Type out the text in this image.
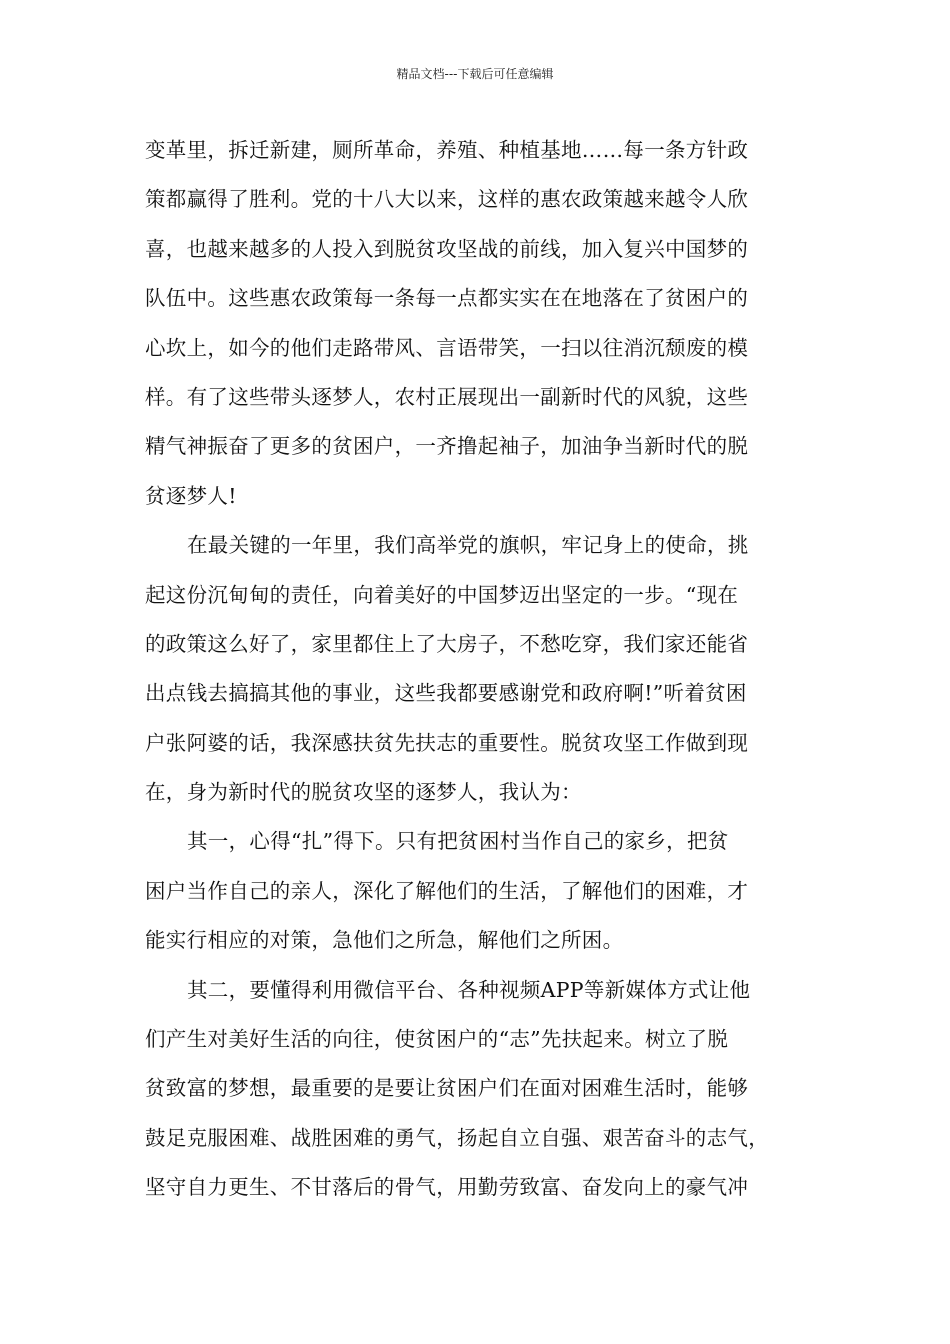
精品文档---下载后可任意编辑
变革里，拆迁新建，厕所革命，养殖、种植基地……每一条方针政
策都赢得了胜利。党的十八大以来，这样的惠农政策越来越令人欣
喜，也越来越多的人投入到脱贫攻坚战的前线，加入复兴中国梦的
队伍中。这些惠农政策每一条每一点都实实在在地落在了贫困户的
心坎上，如今的他们走路带风、言语带笑，一扫以往消沉颓废的模
样。有了这些带头逐梦人，农村正展现出一副新时代的风貌，这些
精气神振奋了更多的贫困户，一齐撸起袖子，加油争当新时代的脱
贫逐梦人!
在最关键的一年里，我们高举党的旗帜，牢记身上的使命，挑
起这份沉甸甸的责任，向着美好的中国梦迈出坚定的一步。“现在
的政策这么好了，家里都住上了大房子，不愁吃穿，我们家还能省
出点钱去搞搞其他的事业，这些我都要感谢党和政府啊!”听着贫困
户张阿婆的话，我深感扶贫先扶志的重要性。脱贫攻坚工作做到现
在，身为新时代的脱贫攻坚的逐梦人，我认为：
其一，心得“扎”得下。只有把贫困村当作自己的家乡，把贫
困户当作自己的亲人，深化了解他们的生活，了解他们的困难，才
能实行相应的对策，急他们之所急，解他们之所困。
其二，要懂得利用微信平台、各种视频APP等新媒体方式让他
们产生对美好生活的向往，使贫困户的“志”先扶起来。树立了脱
贫致富的梦想，最重要的是要让贫困户们在面对困难生活时，能够
鼓足克服困难、战胜困难的勇气，扬起自立自强、艰苦奋斗的志气，
坚守自力更生、不甘落后的骨气，用勤劳致富、奋发向上的豪气冲
